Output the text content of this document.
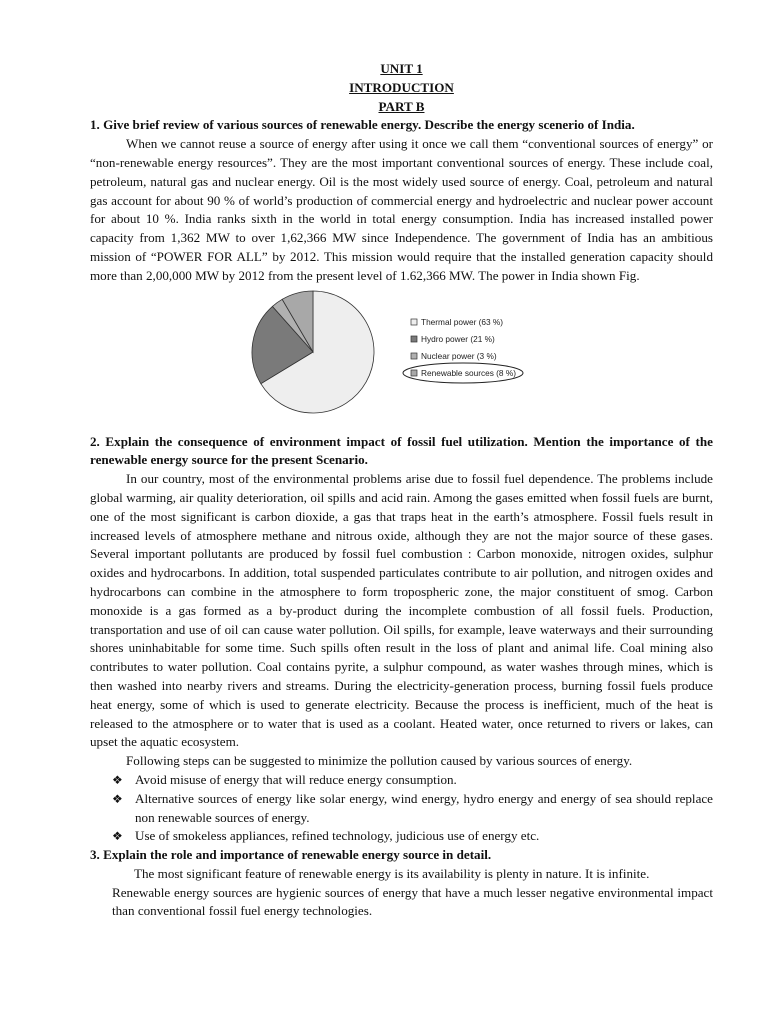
UNIT 1
INTRODUCTION
PART B
1. Give brief review of various sources of renewable energy. Describe the energy scenerio of India.

When we cannot reuse a source of energy after using it once we call them “conventional sources of energy” or “non-renewable energy resources”. They are the most important conventional sources of energy. These include coal, petroleum, natural gas and nuclear energy. Oil is the most widely used source of energy. Coal, petroleum and natural gas account for about 90 % of world’s production of commercial energy and hydroelectric and nuclear power account for about 10 %. India ranks sixth in the world in total energy consumption. India has increased installed power capacity from 1,362 MW to over 1,62,366 MW since Independence. The government of India has an ambitious mission of “POWER FOR ALL” by 2012. This mission would require that the installed generation capacity should more than 2,00,000 MW by 2012 from the present level of 1.62,366 MW. The power in India shown Fig.

Thermal power (63 %)
Hydro power (21 %)
Nuclear power (3 %)
Renewable sources (8 %)
2. Explain the consequence of environment impact of fossil fuel utilization. Mention the importance of the renewable energy source for the present Scenario.

In our country, most of the environmental problems arise due to fossil fuel dependence. The problems include global warming, air quality deterioration, oil spills and acid rain. Among the gases emitted when fossil fuels are burnt, one of the most significant is carbon dioxide, a gas that traps heat in the earth’s atmosphere. Fossil fuels result in increased levels of atmosphere methane and nitrous oxide, although they are not the major source of these gases. Several important pollutants are produced by fossil fuel combustion : Carbon monoxide, nitrogen oxides, sulphur oxides and hydrocarbons. In addition, total suspended particulates contribute to air pollution, and nitrogen oxides and hydrocarbons can combine in the atmosphere to form tropospheric zone, the major constituent of smog. Carbon monoxide is a gas formed as a by-product during the incomplete combustion of all fossil fuels. Production, transportation and use of oil can cause water pollution. Oil spills, for example, leave waterways and their surrounding shores uninhabitable for some time. Such spills often result in the loss of plant and animal life. Coal mining also contributes to water pollution. Coal contains pyrite, a sulphur compound, as water washes through mines, which is then washed into nearby rivers and streams. During the electricity-generation process, burning fossil fuels produce heat energy, some of which is used to generate electricity. Because the process is inefficient, much of the heat is released to the atmosphere or to water that is used as a coolant. Heated water, once returned to rivers or lakes, can upset the aquatic ecosystem.

Following steps can be suggested to minimize the pollution caused by various sources of energy.

❖ Avoid misuse of energy that will reduce energy consumption.
❖ Alternative sources of energy like solar energy, wind energy, hydro energy and energy of sea should replace non renewable sources of energy.
❖ Use of smokeless appliances, refined technology, judicious use of energy etc.
3. Explain the role and importance of renewable energy source in detail.

The most significant feature of renewable energy is its availability is plenty in nature. It is infinite.

Renewable energy sources are hygienic sources of energy that have a much lesser negative environmental impact than conventional fossil fuel energy technologies.
